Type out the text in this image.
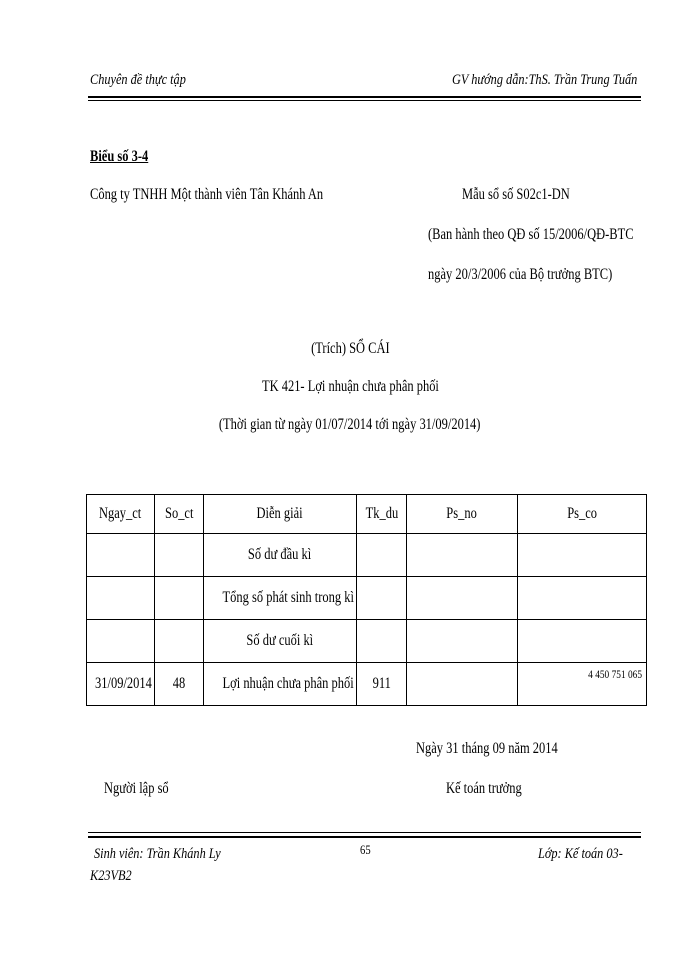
Chuyên đề thực tập	GV hướng dẫn:ThS. Trần Trung Tuấn
Biểu số 3-4
Công ty TNHH Một thành viên Tân Khánh An	Mẫu sổ số S02c1-DN
(Ban hành theo QĐ số 15/2006/QĐ-BTC
ngày 20/3/2006 của Bộ trưởng BTC)
(Trích) SỔ CÁI
TK 421- Lợi nhuận chưa phân phối
(Thời gian từ ngày 01/07/2014 tới ngày 31/09/2014)
Ngay_ct	So_ct	Diễn giải	Tk_du	Ps_no	Ps_co
		Số dư đầu kì			
		Tổng số phát sinh trong kì			
		Số dư cuối kì			
31/09/2014	48	Lợi nhuận chưa phân phối	911		4 450 751 065
Ngày 31 tháng 09 năm 2014
Người lập sổ	Kế toán trưởng
Sinh viên: Trần Khánh Ly	65	Lớp: Kế toán 03-
K23VB2
